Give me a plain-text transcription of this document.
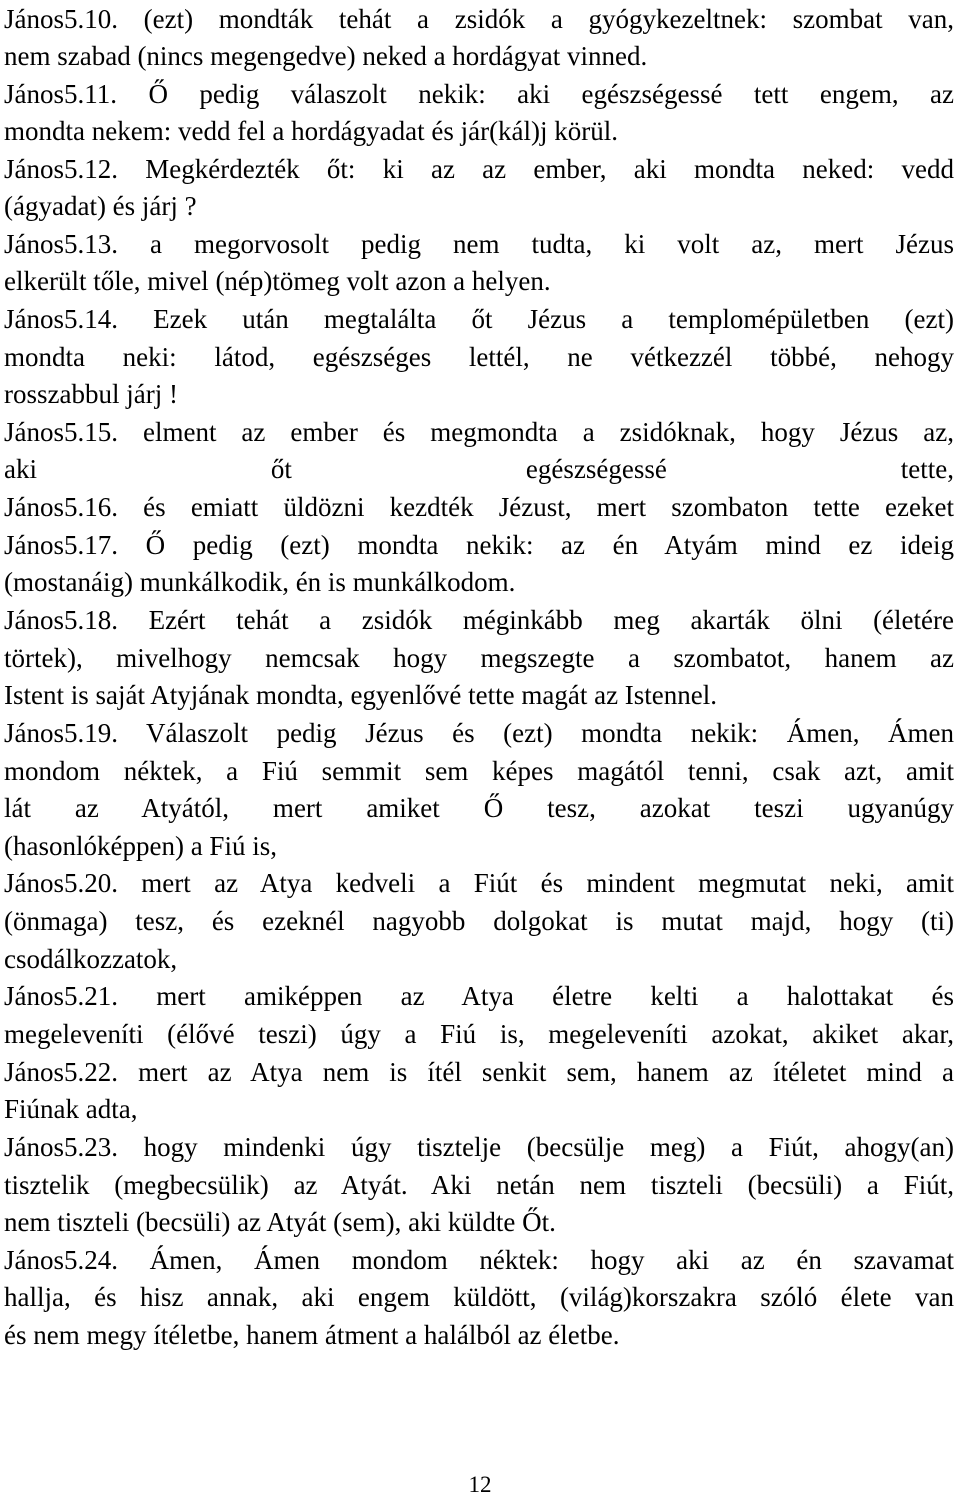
János5.10. (ezt) mondták tehát a zsidók a gyógykezeltnek: szombat van,
nem szabad (nincs megengedve) neked a hordágyat vinned.
János5.11. Ő pedig válaszolt nekik: aki egészségessé tett engem, az
mondta nekem: vedd fel a hordágyadat és jár(kál)j körül.
János5.12. Megkérdezték őt: ki az az ember, aki mondta neked: vedd
(ágyadat) és járj ?
János5.13. a megorvosolt pedig nem tudta, ki volt az, mert Jézus
elkerült tőle, mivel (nép)tömeg volt azon a helyen.
János5.14. Ezek után megtalálta őt Jézus a templomépületben (ezt)
mondta neki: látod, egészséges lettél, ne vétkezzél többé, nehogy
rosszabbul járj !
János5.15. elment az ember és megmondta a zsidóknak, hogy Jézus az,
aki őt egészségessé tette,
János5.16. és emiatt üldözni kezdték Jézust, mert szombaton tette ezeket
János5.17. Ő pedig (ezt) mondta nekik: az én Atyám mind ez ideig
(mostanáig) munkálkodik, én is munkálkodom.
János5.18. Ezért tehát a zsidók méginkább meg akarták ölni (életére
törtek), mivelhogy nemcsak hogy megszegte a szombatot, hanem az
Istent is saját Atyjának mondta, egyenlővé tette magát az Istennel.
János5.19. Válaszolt pedig Jézus és (ezt) mondta nekik: Ámen, Ámen
mondom néktek, a Fiú semmit sem képes magától tenni, csak azt, amit
lát az Atyától, mert amiket Ő tesz, azokat teszi ugyanúgy
(hasonlóképpen) a Fiú is,
János5.20. mert az Atya kedveli a Fiút és mindent megmutat neki, amit
(önmaga) tesz, és ezeknél nagyobb dolgokat is mutat majd, hogy (ti)
csodálkozzatok,
János5.21. mert amiképpen az Atya életre kelti a halottakat és
megeleveníti (élővé teszi) úgy a Fiú is, megeleveníti azokat, akiket akar,
János5.22. mert az Atya nem is ítél senkit sem, hanem az ítéletet mind a
Fiúnak adta,
János5.23. hogy mindenki úgy tisztelje (becsülje meg) a Fiút, ahogy(an)
tisztelik (megbecsülik) az Atyát. Aki netán nem tiszteli (becsüli) a Fiút,
nem tiszteli (becsüli) az Atyát (sem), aki küldte Őt.
János5.24. Ámen, Ámen mondom néktek: hogy aki az én szavamat
hallja, és hisz annak, aki engem küldött, (világ)korszakra szóló élete van
és nem megy ítéletbe, hanem átment a halálból az életbe.
12
